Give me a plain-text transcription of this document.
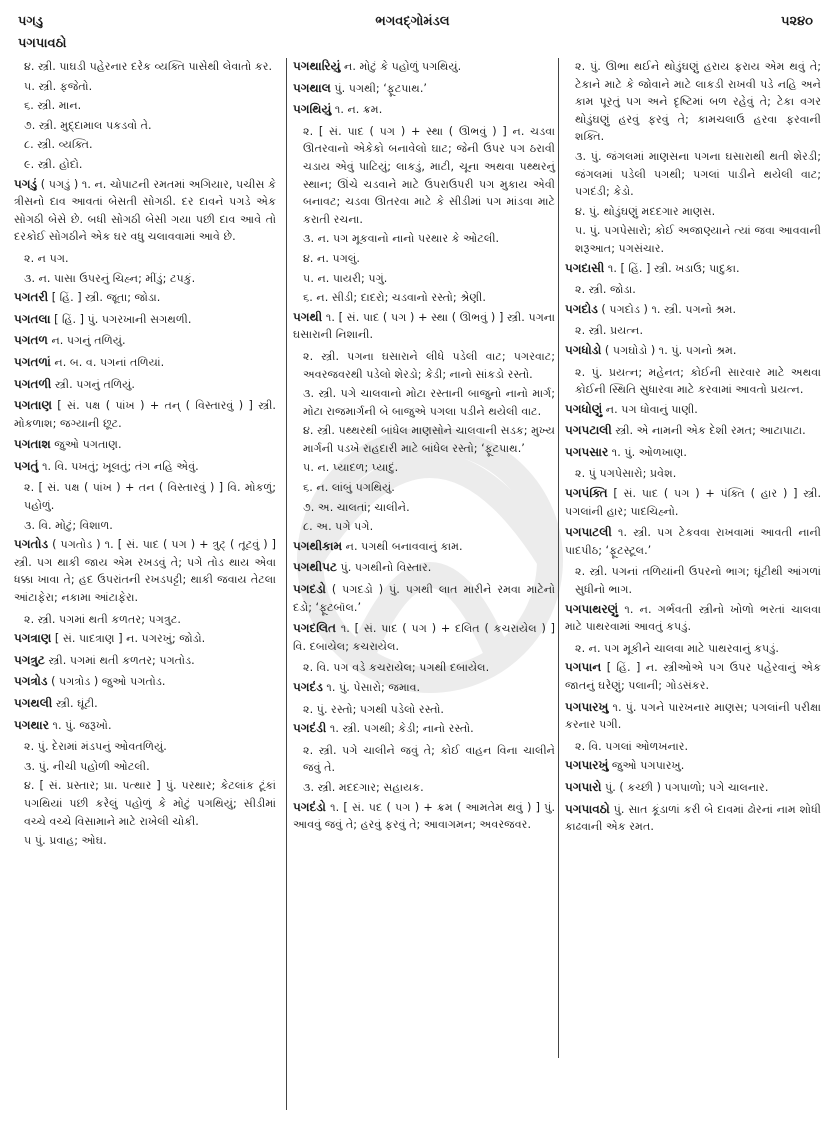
પગડુ	ભગવદ્ગોમંડલ	૫૨૪૦
પગપાવઠો
૪. સ્ત્રી. પાઘડી પહેરનાર દરેક વ્યક્તિ પાસેથી લેવાતો કર.
૫. સ્ત્રી. ફજેતો.
૬. સ્ત્રી. માન.
૭. સ્ત્રી. મુદ્દામાલ પકડવો તે.
૮. સ્ત્રી. વ્યક્તિ.
૯. સ્ત્રી. હોદો.
પગડું ( પગડું ) ૧. ન. ચોપાટની રમતમાં અગિયાર, પચીસ કે ત્રીસનો દાવ આવતાં બેસતી સોગઠી. દર દાવને પગડે એક સોગઠી બેસે છે. બધી સોગઠી બેસી ગયા પછી દાવ આવે તો દરકોઈ સોગઠીને એક ઘર વધુ ચલાવવામાં આવે છે.
૨. ન પગ.
૩. ન. પાસા ઉપરનું ચિહ્ન; મીંડું; ટપકું.
પગતરી [ હિં. ] સ્ત્રી. જૂતા; જોડા.
પગતલા [ હિં. ] પું. પગરખાની સગથળી.
પગતળ ન. પગનું તળિયું.
પગતળાં ન. બ. વ. પગનાં તળિયાં.
પગતળી સ્ત્રી. પગનું તળિયું.
પગતાણ [ સં. પક્ષ ( પાંખ ) + તન્ ( વિસ્તારવું ) ] સ્ત્રી. મોકળાશ; જગ્યાની છૂટ.
પગતાશ જુઓ પગતાણ.
પગતું ૧. વિ. પખતું; ખૂલતું; તંગ નહિ એવું.
૨. [ સં. પક્ષ ( પાંખ ) + તન ( વિસ્તારવું ) ] વિ. મોકળું; પહોળું.
૩. વિ. મોટું; વિશાળ.
પગતોડ ( પગતોડ ) ૧. [ સં. પાદ ( પગ ) + ત્રુટ્ ( તૂટવું ) ] સ્ત્રી. પગ થાકી જાય એમ રખડવું તે; પગે તોડ થાય એવા ધક્કા ખાવા તે; હદ ઉપરાંતની રખડપટ્ટી; થાકી જવાય તેટલા આંટાફેરા; નકામા આંટાફેરા.
૨. સ્ત્રી. પગમાં થતી કળતર; પગત્રુટ.
પગત્રાણ [ સં. પાદત્રાણ ] ન. પગરખું; જોડો.
પગત્રુટ સ્ત્રી. પગમાં થતી કળતર; પગતોડ.
પગત્રોડ ( પગત્રોડ ) જુઓ પગતોડ.
પગથલી સ્ત્રી. ઘૂંટી.
પગથાર ૧. પું. જરૂખો.
૨. પું. દેરામાં મંડપનું ઓવતળિયું.
૩. પું. નીચી પહોળી ઓટલી.
૪. [ સં. પ્રસ્તાર; પ્રા. પત્થાર ] પું. પરથાર; કેટલાંક ટૂંકાં પગથિયાં પછી કરેલું પહોળું કે મોટું પગથિયું; સીડીમાં વચ્ચે વચ્ચે વિસામાને માટે રાખેલી ચોકી.
૫ પું. પ્રવાહ; ઓઘ.
પગથારિયું ન. મોટું કે પહોળું પગથિયું.
પગથાલ પું. પગથી; ‘ફૂટપાથ.’
પગથિયું ૧. ન. ક્રમ.
૨. [ સં. પાદ ( પગ ) + સ્થા ( ઊભવું ) ] ન. ચડવા ઊતરવાનો એકેકો બનાવેલો ઘાટ; જેની ઉપર પગ ઠરાવી ચડાય એવું પાટિયું; લાકડું, માટી, ચૂના અથવા પથ્થરનું સ્થાન; ઊંચે ચડવાને માટે ઉપરાઉપરી પગ મુકાય એવી બનાવટ; ચડવા ઊતરવા માટે કે સીડીમાં પગ માંડવા માટે કરાતી રચના.
૩. ન. પગ મૂકવાનો નાનો પરથાર કે ઓટલી.
૪. ન. પગલું.
૫. ન. પાયરી; પગું.
૬. ન. સીડી; દાદરો; ચડવાનો રસ્તો; શ્રેણી.
પગથી ૧. [ સં. પાદ ( પગ ) + સ્થા ( ઊભવું ) ] સ્ત્રી. પગના ઘસારાની નિશાની.
૨. સ્ત્રી. પગના ઘસારાને લીધે પડેલી વાટ; પગરવાટ; અવરજવરથી પડેલો શેરડો; કેડી; નાનો સાંકડો રસ્તો.
૩. સ્ત્રી. પગે ચાલવાનો મોટા રસ્તાની બાજુનો નાનો માર્ગ; મોટા રાજમાર્ગની બે બાજુએ પગલા પડીને થયેલી વાટ.
૪. સ્ત્રી. પથ્થરથી બાંધેલ માણસોને ચાલવાની સડક; મુખ્ય માર્ગની પડખે રાહદારી માટે બાંધેલ રસ્તો; ‘ફૂટપાથ.’
૫. ન. પ્યાદળ; પ્યાદું.
૬. ન. લાંબું પગથિયું.
૭. અ. ચાલતાં; ચાલીને.
૮. અ. પગે પગે.
પગથીકામ ન. પગથી બનાવવાનું કામ.
પગથીપટ પું. પગથીનો વિસ્તાર.
પગદડો ( પગદડો ) પું. પગથી લાત મારીને રમવા માટેનો દડો; ‘ફૂટબૉલ.’
પગદલિત ૧. [ સં. પાદ ( પગ ) + દલિત ( કચરાયેલ ) ] વિ. દબાયેલ; કચરાયેલ.
૨. વિ. પગ વડે કચરાયેલ; પગથી દબાયેલ.
પગદંડ ૧. પું. પેસારો; જમાવ.
૨. પું. રસ્તો; પગથી પડેલો રસ્તો.
પગદંડી ૧. સ્ત્રી. પગથી; કેડી; નાનો રસ્તો.
૨. સ્ત્રી. પગે ચાલીને જવું તે; કોઈ વાહન વિના ચાલીને જવું તે.
૩. સ્ત્રી. મદદગાર; સહાયક.
પગદંડો ૧. [ સં. પદ ( પગ ) + ક્રમ ( આમતેમ થવું ) ] પું. આવવું જવું તે; હરવું ફરવું તે; આવાગમન; અવરજવર.
૨. પું. ઊભા થઈને થોડુંઘણું હરાય ફરાય એમ થવું તે; ટેકાને માટે કે જોવાને માટે લાકડી રાખવી પડે નહિ અને કામ પૂરતું પગ અને દૃષ્ટિમાં બળ રહેવું તે; ટેકા વગર થોડુંઘણું હરવું ફરવું તે; કામચલાઉ હરવા ફરવાની શક્તિ.
૩. પું. જંગલમાં માણસના પગના ઘસારાથી થતી શેરડી; જંગલમાં પડેલી પગથી; પગલાં પાડીને થયેલી વાટ; પગદંડી; કેડો.
૪. પું. થોડુંઘણું મદદગાર માણસ.
૫. પું. પગપેસારો; કોઈ અજાણ્યાને ત્યાં જવા આવવાની શરૂઆત; પગસંચાર.
પગદાસી ૧. [ હિં. ] સ્ત્રી. ખડાઉ; પાદુકા.
૨. સ્ત્રી. જોડા.
પગદોડ ( પગદોડ ) ૧. સ્ત્રી. પગનો શ્રમ.
૨. સ્ત્રી. પ્રયત્ન.
પગધોડો ( પગઘોડો ) ૧. પું. પગનો શ્રમ.
૨. પું. પ્રયત્ન; મહેનત; કોઈની સારવાર માટે અથવા કોઈની સ્થિતિ સુધારવા માટે કરવામાં આવતો પ્રયત્ન.
પગધોણું ન. પગ ધોવાનું પાણી.
પગપટાલી સ્ત્રી. એ નામની એક દેશી રમત; આટાપાટા.
પગપસાર ૧. પું. ઓળખાણ.
૨. પું પગપેસારો; પ્રવેશ.
પગપંક્તિ [ સં. પાદ ( પગ ) + પંક્તિ ( હાર ) ] સ્ત્રી. પગલાંની હાર; પાદચિહ્નો.
પગપાટલી ૧. સ્ત્રી. પગ ટેકવવા રાખવામાં આવતી નાની પાદપીઠ; ‘ફૂટસ્ટૂલ.’
૨. સ્ત્રી. પગનાં તળિયાંની ઉપરનો ભાગ; ઘૂંટીથી આંગળાં સુધીનો ભાગ.
પગપાથરણું ૧. ન. ગર્ભવતી સ્ત્રીનો ખોળો ભરતાં ચાલવા માટે પાથરવામાં આવતું કપડું.
૨. ન. પગ મૂકીને ચાલવા માટે પાથરવાનું કપડું.
પગપાન [ હિં. ] ન. સ્ત્રીઓએ પગ ઉપર પહેરવાનું એક જાતનું ઘરેણું; પલાની; ગોડસંકર.
પગપારખુ ૧. પું. પગને પારખનાર માણસ; પગલાંની પરીક્ષા કરનાર પગી.
૨. વિ. પગલાં ઓળખનાર.
પગપારખું જુઓ પગપારખુ.
પગપારો પું. ( કચ્છી ) પગપાળો; પગે ચાલનાર.
પગપાવઠો પું. સાત કૂંડાળાં કરી બે દાવમાં ઢોરનાં નામ શોધી કાઢવાની એક રમત.
